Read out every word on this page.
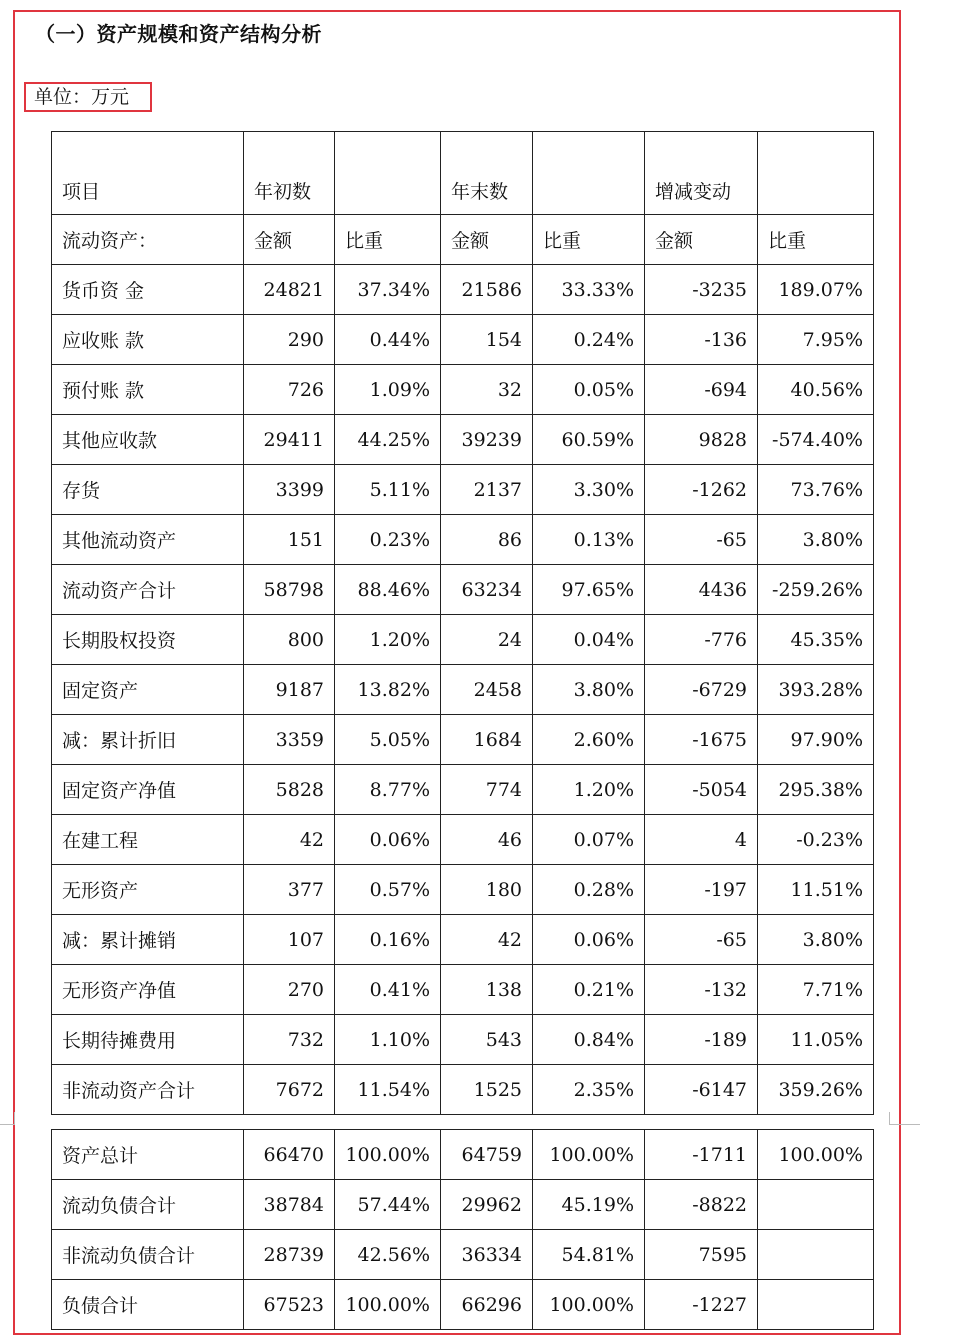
（一）资产规模和资产结构分析
单位：万元
项目	年初数		年末数		增减变动	
流动资产：	金额	比重	金额	比重	金额	比重
货币资 金	24821	37.34%	21586	33.33%	-3235	189.07%
应收账 款	290	0.44%	154	0.24%	-136	7.95%
预付账 款	726	1.09%	32	0.05%	-694	40.56%
其他应收款	29411	44.25%	39239	60.59%	9828	-574.40%
存货	3399	5.11%	2137	3.30%	-1262	73.76%
其他流动资产	151	0.23%	86	0.13%	-65	3.80%
流动资产合计	58798	88.46%	63234	97.65%	4436	-259.26%
长期股权投资	800	1.20%	24	0.04%	-776	45.35%
固定资产	9187	13.82%	2458	3.80%	-6729	393.28%
减：累计折旧	3359	5.05%	1684	2.60%	-1675	97.90%
固定资产净值	5828	8.77%	774	1.20%	-5054	295.38%
在建工程	42	0.06%	46	0.07%	4	-0.23%
无形资产	377	0.57%	180	0.28%	-197	11.51%
减：累计摊销	107	0.16%	42	0.06%	-65	3.80%
无形资产净值	270	0.41%	138	0.21%	-132	7.71%
长期待摊费用	732	1.10%	543	0.84%	-189	11.05%
非流动资产合计	7672	11.54%	1525	2.35%	-6147	359.26%
资产总计	66470	100.00%	64759	100.00%	-1711	100.00%
流动负债合计	38784	57.44%	29962	45.19%	-8822	
非流动负债合计	28739	42.56%	36334	54.81%	7595	
负债合计	67523	100.00%	66296	100.00%	-1227	
